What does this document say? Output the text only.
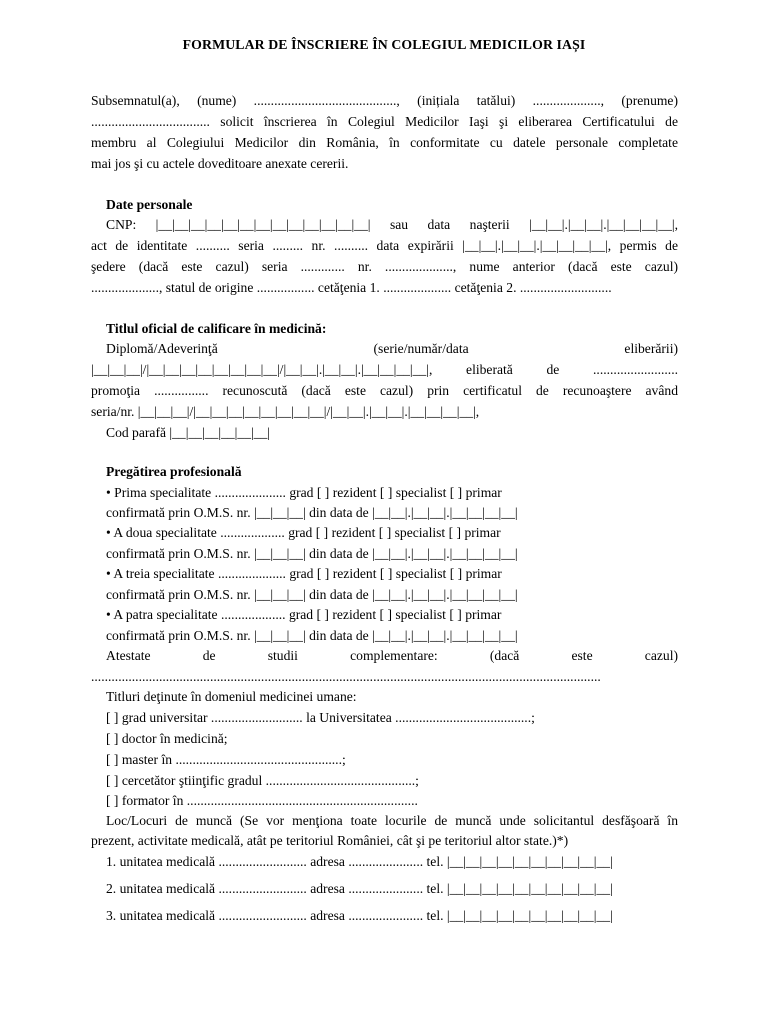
FORMULAR DE ÎNSCRIERE ÎN COLEGIUL MEDICILOR IAȘI
Subsemnatul(a), (nume) .........................................., (inițiala tatălui) ...................., (prenume)
................................... solicit înscrierea în Colegiul Medicilor Iaşi şi eliberarea Certificatului de
membru al Colegiului Medicilor din România, în conformitate cu datele personale completate
mai jos şi cu actele doveditoare anexate cererii.
Date personale
CNP: |__|__|__|__|__|__|__|__|__|__|__|__|__| sau data naşterii |__|__|.|__|__|.|__|__|__|__|,
act de identitate .......... seria ......... nr. .......... data expirării |__|__|.|__|__|.|__|__|__|__|, permis de
şedere (dacă este cazul) seria ............. nr. ...................., nume anterior (dacă este cazul)
...................., statul de origine ................. cetăţenia 1. .................... cetăţenia 2. ...........................
Titlul oficial de calificare în medicină:
Diplomă/Adeverinţă (serie/număr/data eliberării)
|__|__|__|/|__|__|__|__|__|__|__|__|/|__|__|.|__|__|.|__|__|__|__|, eliberată de .........................
promoţia ................ recunoscută (dacă este cazul) prin certificatul de recunoaştere având
seria/nr. |__|__|__|/|__|__|__|__|__|__|__|__|/|__|__|.|__|__|.|__|__|__|__|,
Cod parafă |__|__|__|__|__|__|
Pregătirea profesională
• Prima specialitate ..................... grad [ ] rezident [ ] specialist [ ] primar
confirmată prin O.M.S. nr. |__|__|__| din data de |__|__|.|__|__|.|__|__|__|__|
• A doua specialitate ................... grad [ ] rezident [ ] specialist [ ] primar
confirmată prin O.M.S. nr. |__|__|__| din data de |__|__|.|__|__|.|__|__|__|__|
• A treia specialitate .................... grad [ ] rezident [ ] specialist [ ] primar
confirmată prin O.M.S. nr. |__|__|__| din data de |__|__|.|__|__|.|__|__|__|__|
• A patra specialitate ................... grad [ ] rezident [ ] specialist [ ] primar
confirmată prin O.M.S. nr. |__|__|__| din data de |__|__|.|__|__|.|__|__|__|__|
Atestate de studii complementare: (dacă este cazul)
......................................................................................................................................................
Titluri deţinute în domeniul medicinei umane:
[ ] grad universitar ........................... la Universitatea ........................................;
[ ] doctor în medicină;
[ ] master în .................................................;
[ ] cercetător ştiinţific gradul ............................................;
[ ] formator în ....................................................................
Loc/Locuri de muncă (Se vor menţiona toate locurile de muncă unde solicitantul desfăşoară în
prezent, activitate medicală, atât pe teritoriul României, cât şi pe teritoriul altor state.)*)
1. unitatea medicală .......................... adresa ...................... tel. |__|__|__|__|__|__|__|__|__|__|
2. unitatea medicală .......................... adresa ...................... tel. |__|__|__|__|__|__|__|__|__|__|
3. unitatea medicală .......................... adresa ...................... tel. |__|__|__|__|__|__|__|__|__|__|
